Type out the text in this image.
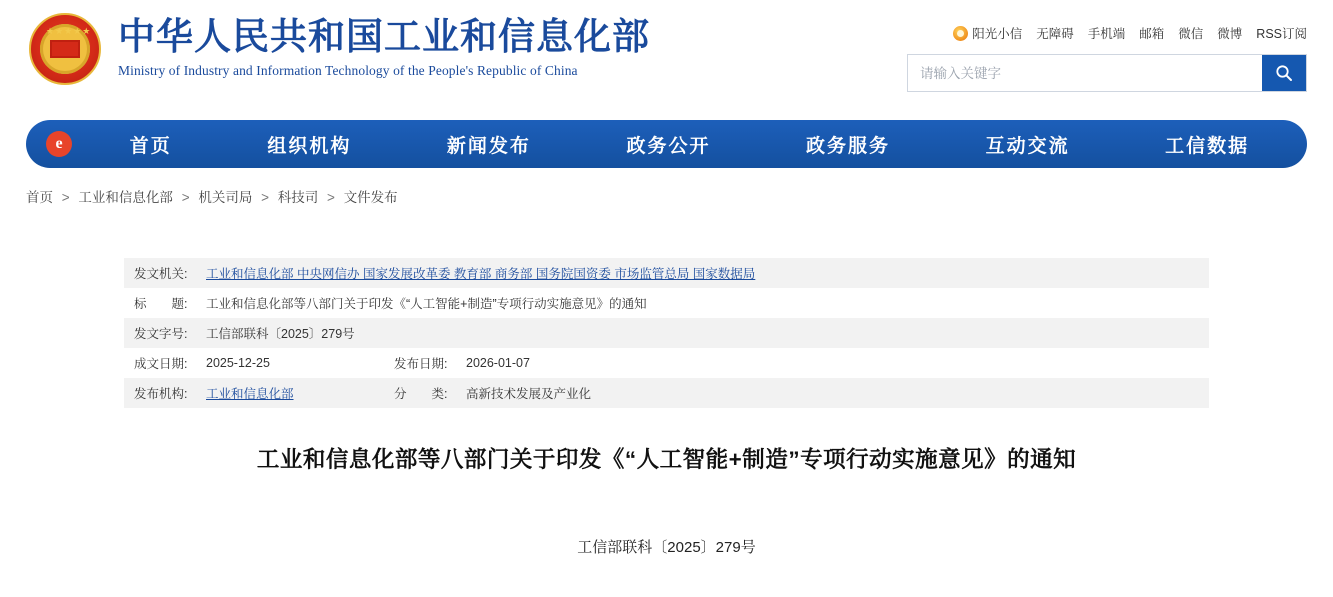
★★★★★ 中华人民共和国工业和信息化部
Ministry of Industry and Information Technology of the People's Republic of China
阳光小信 无障碍 手机端 邮箱 微信 微博 RSS订阅
请输入关键字
e	首页	组织机构	新闻发布	政务公开	政务服务	互动交流	工信数据
首页 > 工业和信息化部 > 机关司局 > 科技司 > 文件发布
发文机关:	工业和信息化部 中央网信办 国家发展改革委 教育部 商务部 国务院国资委 市场监管总局 国家数据局
标　　题:	工业和信息化部等八部门关于印发《“人工智能+制造”专项行动实施意见》的通知
发文字号:	工信部联科〔2025〕279号
成文日期:	2025-12-25	发布日期:	2026-01-07
发布机构:	工业和信息化部	分　　类:	高新技术发展及产业化
工业和信息化部等八部门关于印发《“人工智能+制造”专项行动实施意见》的通知
工信部联科〔2025〕279号
